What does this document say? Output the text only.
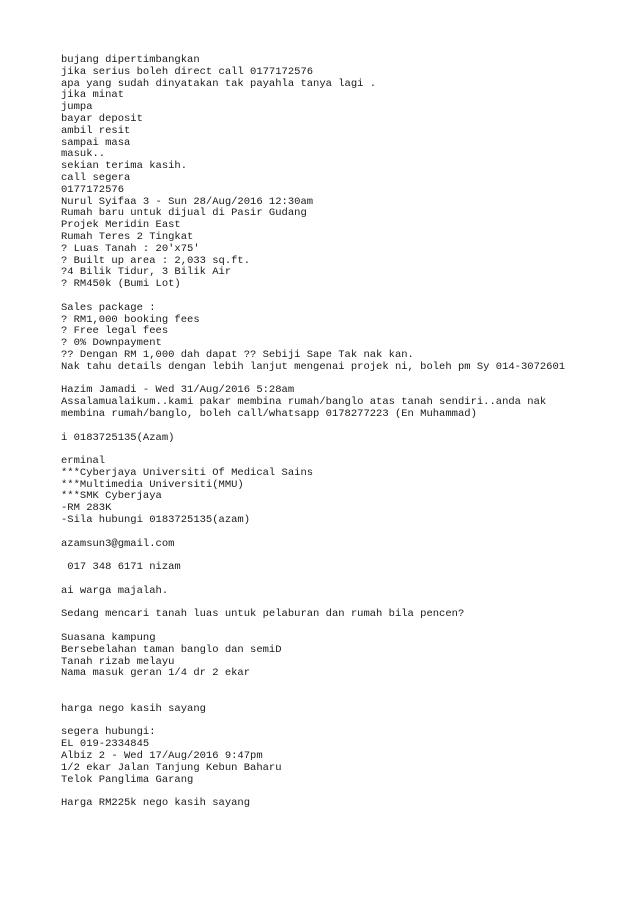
bujang dipertimbangkan
jika serius boleh direct call 0177172576
apa yang sudah dinyatakan tak payahla tanya lagi .
jika minat
jumpa
bayar deposit
ambil resit
sampai masa
masuk..
sekian terima kasih.
call segera
0177172576
Nurul Syifaa 3 - Sun 28/Aug/2016 12:30am
Rumah baru untuk dijual di Pasir Gudang
Projek Meridin East
Rumah Teres 2 Tingkat
? Luas Tanah : 20'x75'
? Built up area : 2,033 sq.ft.
?4 Bilik Tidur, 3 Bilik Air
? RM450k (Bumi Lot)
Sales package :
? RM1,000 booking fees
? Free legal fees
? 0% Downpayment
?? Dengan RM 1,000 dah dapat ?? Sebiji Sape Tak nak kan.
Nak tahu details dengan lebih lanjut mengenai projek ni, boleh pm Sy 014-3072601
Hazim Jamadi - Wed 31/Aug/2016 5:28am
Assalamualaikum..kami pakar membina rumah/banglo atas tanah sendiri..anda nak
membina rumah/banglo, boleh call/whatsapp 0178277223 (En Muhammad)
i 0183725135(Azam)
erminal
***Cyberjaya Universiti Of Medical Sains
***Multimedia Universiti(MMU)
***SMK Cyberjaya
-RM 283K
-Sila hubungi 0183725135(azam)
azamsun3@gmail.com
017 348 6171 nizam
ai warga majalah.
Sedang mencari tanah luas untuk pelaburan dan rumah bila pencen?
Suasana kampung
Bersebelahan taman banglo dan semiD
Tanah rizab melayu
Nama masuk geran 1/4 dr 2 ekar
harga nego kasih sayang
segera hubungi:
EL 019-2334845
Albiz 2 - Wed 17/Aug/2016 9:47pm
1/2 ekar Jalan Tanjung Kebun Baharu
Telok Panglima Garang
Harga RM225k nego kasih sayang
